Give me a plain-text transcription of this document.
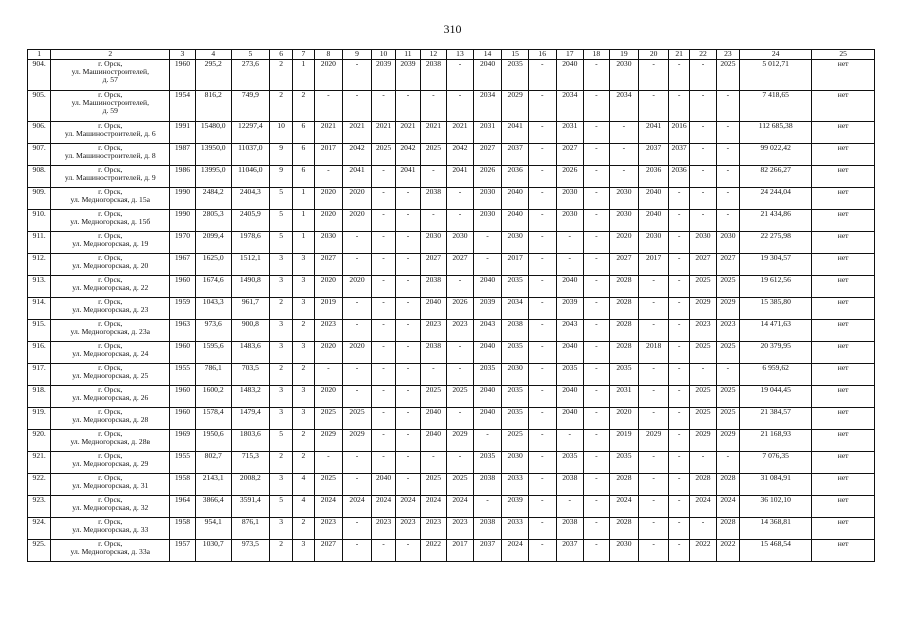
310
1	2	3	4	5	6	7	8	9	10	11	12	13	14	15	16	17	18	19	20	21	22	23	24	25
904.	г. Орск,
ул. Машиностроителей,
д. 57	1960	295,2	273,6	2	1	2020	-	2039	2039	2038	-	2040	2035	-	2040	-	2030	-	-	-	2025	5 012,71	нет
905.	г. Орск,
ул. Машиностроителей,
д. 59	1954	816,2	749,9	2	2	-	-	-	-	-	-	2034	2029	-	2034	-	2034	-	-	-	-	7 418,65	нет
906.	г. Орск,
ул. Машиностроителей, д. 6	1991	15480,0	12297,4	10	6	2021	2021	2021	2021	2021	2021	2031	2041	-	2031	-	-	2041	2016	-	-	112 685,38	нет
907.	г. Орск,
ул. Машиностроителей, д. 8	1987	13950,0	11037,0	9	6	2017	2042	2025	2042	2025	2042	2027	2037	-	2027	-	-	2037	2037	-	-	99 022,42	нет
908.	г. Орск,
ул. Машиностроителей, д. 9	1986	13995,0	11046,0	9	6	-	2041	-	2041	-	2041	2026	2036	-	2026	-	-	2036	2036	-	-	82 266,27	нет
909.	г. Орск,
ул. Медногорская, д. 15а	1990	2484,2	2404,3	5	1	2020	2020	-	-	2038	-	2030	2040	-	2030	-	2030	2040	-	-	-	24 244,04	нет
910.	г. Орск,
ул. Медногорская, д. 15б	1990	2805,3	2405,9	5	1	2020	2020	-	-	-	-	2030	2040	-	2030	-	2030	2040	-	-	-	21 434,86	нет
911.	г. Орск,
ул. Медногорская, д. 19	1970	2099,4	1978,6	5	1	2030	-	-	-	2030	2030	-	2030	-	-	-	2020	2030	-	2030	2030	22 275,98	нет
912.	г. Орск,
ул. Медногорская, д. 20	1967	1625,0	1512,1	3	3	2027	-	-	-	2027	2027	-	2017	-	-	-	2027	2017	-	2027	2027	19 304,57	нет
913.	г. Орск,
ул. Медногорская, д. 22	1960	1674,6	1490,8	3	3	2020	2020	-	-	2038	-	2040	2035	-	2040	-	2028	-	-	2025	2025	19 612,56	нет
914.	г. Орск,
ул. Медногорская, д. 23	1959	1043,3	961,7	2	3	2019	-	-	-	2040	2026	2039	2034	-	2039	-	2028	-	-	2029	2029	15 385,80	нет
915.	г. Орск,
ул. Медногорская, д. 23а	1963	973,6	900,8	3	2	2023	-	-	-	2023	2023	2043	2038	-	2043	-	2028	-	-	2023	2023	14 471,63	нет
916.	г. Орск,
ул. Медногорская, д. 24	1960	1595,6	1483,6	3	3	2020	2020	-	-	2038	-	2040	2035	-	2040	-	2028	2018	-	2025	2025	20 379,95	нет
917.	г. Орск,
ул. Медногорская, д. 25	1955	786,1	703,5	2	2	-	-	-	-	-	-	2035	2030	-	2035	-	2035	-	-	-	-	6 959,62	нет
918.	г. Орск,
ул. Медногорская, д. 26	1960	1600,2	1483,2	3	3	2020	-	-	-	2025	2025	2040	2035	-	2040	-	2031	-	-	2025	2025	19 044,45	нет
919.	г. Орск,
ул. Медногорская, д. 28	1960	1578,4	1479,4	3	3	2025	2025	-	-	2040	-	2040	2035	-	2040	-	2020	-	-	2025	2025	21 384,57	нет
920.	г. Орск,
ул. Медногорская, д. 28в	1969	1950,6	1803,6	5	2	2029	2029	-	-	2040	2029	-	2025	-	-	-	2019	2029	-	2029	2029	21 168,93	нет
921.	г. Орск,
ул. Медногорская, д. 29	1955	802,7	715,3	2	2	-	-	-	-	-	-	2035	2030	-	2035	-	2035	-	-	-	-	7 076,35	нет
922.	г. Орск,
ул. Медногорская, д. 31	1958	2143,1	2008,2	3	4	2025	-	2040	-	2025	2025	2038	2033	-	2038	-	2028	-	-	2028	2028	31 084,91	нет
923.	г. Орск,
ул. Медногорская, д. 32	1964	3866,4	3591,4	5	4	2024	2024	2024	2024	2024	2024	-	2039	-	-	-	2024	-	-	2024	2024	36 102,10	нет
924.	г. Орск,
ул. Медногорская, д. 33	1958	954,1	876,1	3	2	2023	-	2023	2023	2023	2023	2038	2033	-	2038	-	2028	-	-	-	2028	14 368,81	нет
925.	г. Орск,
ул. Медногорская, д. 33а	1957	1030,7	973,5	2	3	2027	-	-	-	2022	2017	2037	2024	-	2037	-	2030	-	-	2022	2022	15 468,54	нет
